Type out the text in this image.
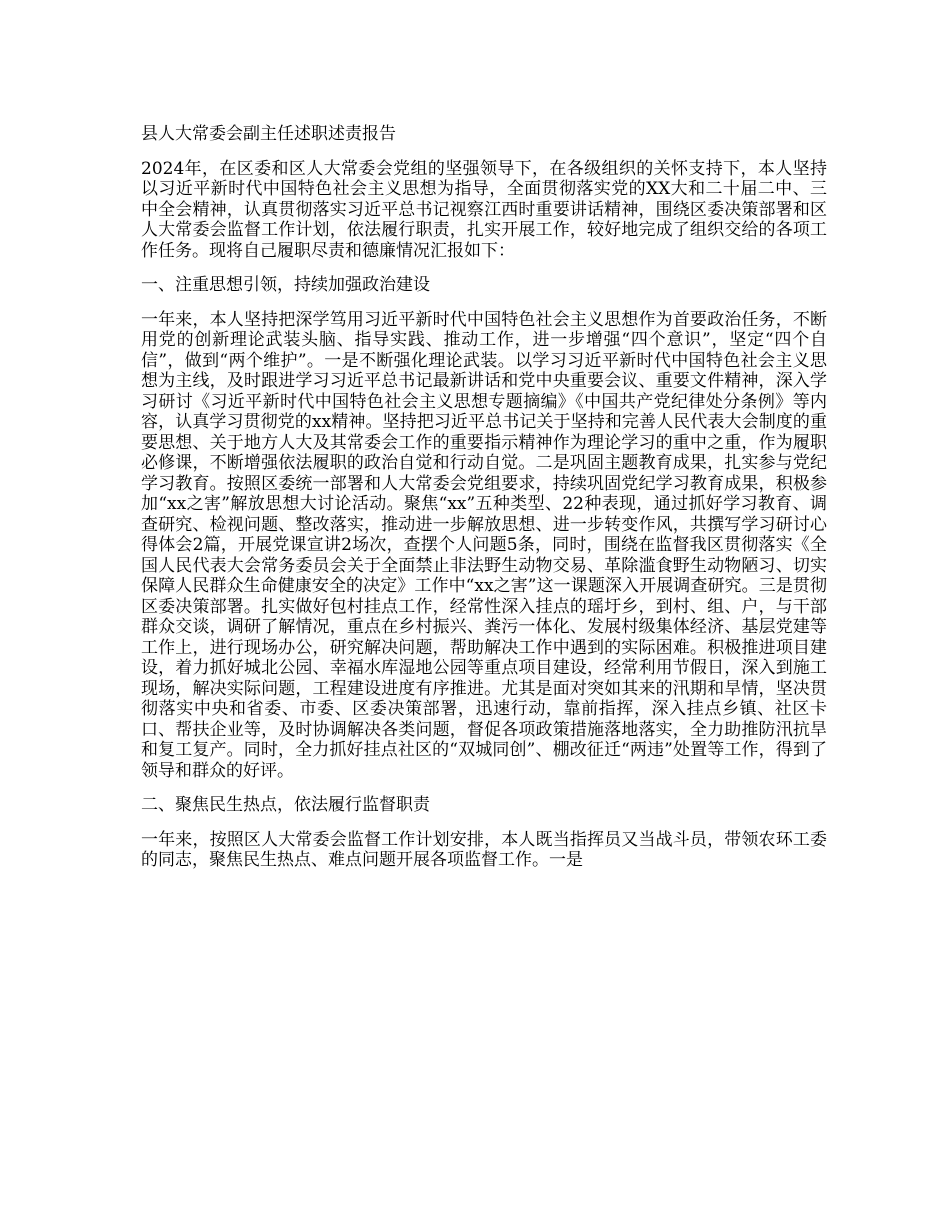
县人大常委会副主任述职述责报告

2024年，在区委和区人大常委会党组的坚强领导下，在各级组织的关怀支持下，本人坚持以习近平新时代中国特色社会主义思想为指导，全面贯彻落实党的XX大和二十届二中、三中全会精神，认真贯彻落实习近平总书记视察江西时重要讲话精神，围绕区委决策部署和区人大常委会监督工作计划，依法履行职责，扎实开展工作，较好地完成了组织交给的各项工作任务。现将自己履职尽责和德廉情况汇报如下：

一、注重思想引领，持续加强政治建设

一年来，本人坚持把深学笃用习近平新时代中国特色社会主义思想作为首要政治任务，不断用党的创新理论武装头脑、指导实践、推动工作，进一步增强“四个意识”，坚定“四个自信”，做到“两个维护”。一是不断强化理论武装。以学习习近平新时代中国特色社会主义思想为主线，及时跟进学习习近平总书记最新讲话和党中央重要会议、重要文件精神，深入学习研讨《习近平新时代中国特色社会主义思想专题摘编》《中国共产党纪律处分条例》等内容，认真学习贯彻党的xx精神。坚持把习近平总书记关于坚持和完善人民代表大会制度的重要思想、关于地方人大及其常委会工作的重要指示精神作为理论学习的重中之重，作为履职必修课，不断增强依法履职的政治自觉和行动自觉。二是巩固主题教育成果，扎实参与党纪学习教育。按照区委统一部署和人大常委会党组要求，持续巩固党纪学习教育成果，积极参加“xx之害”解放思想大讨论活动。聚焦“xx”五种类型、22种表现，通过抓好学习教育、调查研究、检视问题、整改落实，推动进一步解放思想、进一步转变作风，共撰写学习研讨心得体会2篇，开展党课宣讲2场次，查摆个人问题5条，同时，围绕在监督我区贯彻落实《全国人民代表大会常务委员会关于全面禁止非法野生动物交易、革除滥食野生动物陋习、切实保障人民群众生命健康安全的决定》工作中“xx之害”这一课题深入开展调查研究。三是贯彻区委决策部署。扎实做好包村挂点工作，经常性深入挂点的瑶圩乡，到村、组、户，与干部群众交谈，调研了解情况，重点在乡村振兴、粪污一体化、发展村级集体经济、基层党建等工作上，进行现场办公，研究解决问题，帮助解决工作中遇到的实际困难。积极推进项目建设，着力抓好城北公园、幸福水库湿地公园等重点项目建设，经常利用节假日，深入到施工现场，解决实际问题，工程建设进度有序推进。尤其是面对突如其来的汛期和旱情，坚决贯彻落实中央和省委、市委、区委决策部署，迅速行动，靠前指挥，深入挂点乡镇、社区卡口、帮扶企业等，及时协调解决各类问题，督促各项政策措施落地落实，全力助推防汛抗旱和复工复产。同时，全力抓好挂点社区的“双城同创”、棚改征迁“两违”处置等工作，得到了领导和群众的好评。

二、聚焦民生热点，依法履行监督职责

一年来，按照区人大常委会监督工作计划安排，本人既当指挥员又当战斗员，带领农环工委的同志，聚焦民生热点、难点问题开展各项监督工作。一是
